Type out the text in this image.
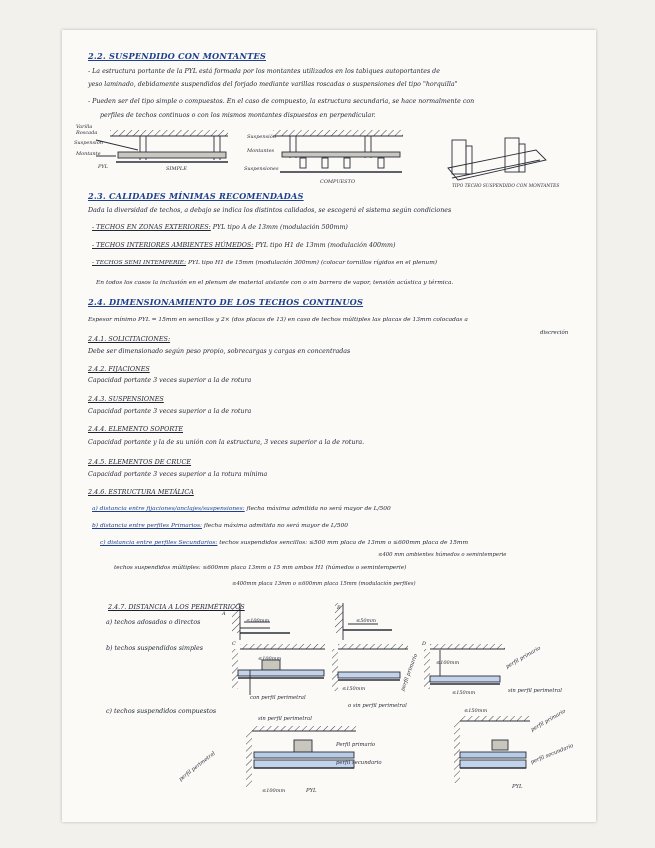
2.2. SUSPENDIDO CON MONTANTES
- La estructura portante de la PYL está formada por los montantes utilizados en los tabiques autoportantes de
yeso laminado, debidamente suspendidos del forjado mediante varillas roscadas o suspensiones del tipo "horquilla"
- Pueden ser del tipo simple o compuestos. En el caso de compuesto, la estructura secundaria, se hace normalmente con
perfiles de techos continuos o con los mismos montantes dispuestos en perpendicular.
Varilla Roscada
Suspensión
Montante
PYL	SIMPLE
Suspensión
Montantes
Suspensiones
COMPUESTO
TIPO TECHO SUSPENDIDO CON MONTANTES
2.3. CALIDADES MÍNIMAS RECOMENDADAS
Dada la diversidad de techos, a debajo se indica los distintos calidados, se escogerá el sistema según condiciones
- TECHOS EN ZONAS EXTERIORES: PYL tipo A de 13mm (modulación 500mm)
- TECHOS INTERIORES AMBIENTES HÚMEDOS: PYL tipo H1 de 13mm (modulación 400mm)
- TECHOS SEMI INTEMPERIE: PYL tipo H1 de 15mm (modulación 300mm) (colocar tornillos rígidos en el plenum)
En todos los casos la inclusión en el plenum de material aislante con o sin barrera de vapor, tensión acústica y térmica.
2.4. DIMENSIONAMIENTO DE LOS TECHOS CONTINUOS
Espesor mínimo PYL = 15mm en sencillos y 2× (dos placas de 13) en caso de techos múltiples las placas de 13mm colocadas a
discreción
2.4.1. SOLICITACIONES:
Debe ser dimensionado según peso propio, sobrecargas y cargas en concentradas
2.4.2. FIJACIONES
Capacidad portante 3 veces superior a la de rotura
2.4.3. SUSPENSIONES
Capacidad portante 3 veces superior a la de rotura
2.4.4. ELEMENTO SOPORTE
Capacidad portante y la de su unión con la estructura, 3 veces superior a la de rotura.
2.4.5. ELEMENTOS DE CRUCE
Capacidad portante 3 veces superior a la rotura mínima
2.4.6. ESTRUCTURA METÁLICA
a) distancia entre fijaciones/anclajes/suspensiones: flecha máxima admitida no será mayor de L/500
b) distancia entre perfiles Primarios: flecha máxima admitida no será mayor de L/500
c) distancia entre perfiles Secundarios: techos suspendidos sencillos: ≤500 mm placa de 13mm o ≤600mm placa de 15mm
≤400 mm ambientes húmedos o semintemperie
techos suspendidos múltiples: ≤600mm placa 13mm o 15 mm ambos H1 (húmedos o semintemperie)
≤400mm placa 13mm o ≤600mm placa 15mm (modulación perfiles)
2.4.7. DISTANCIA A LOS PERIMÉTRICOS
a) techos adosados o directos
b) techos suspendidos simples
c) techos suspendidos compuestos
A
B
C	D
≤100mm	≤50mm
≤100mm
≤100mm
≤150mm
≤150mm
≤150mm
≤100mm
con perfil perimetral
o sin perfil perimetral
perfil primario	perfil primario
sin perfil perimetral
sin perfil perimetral
Perfil primario
perfil secundario
perfil perimetral
PYL
perfil primario
perfil secundario
PYL
